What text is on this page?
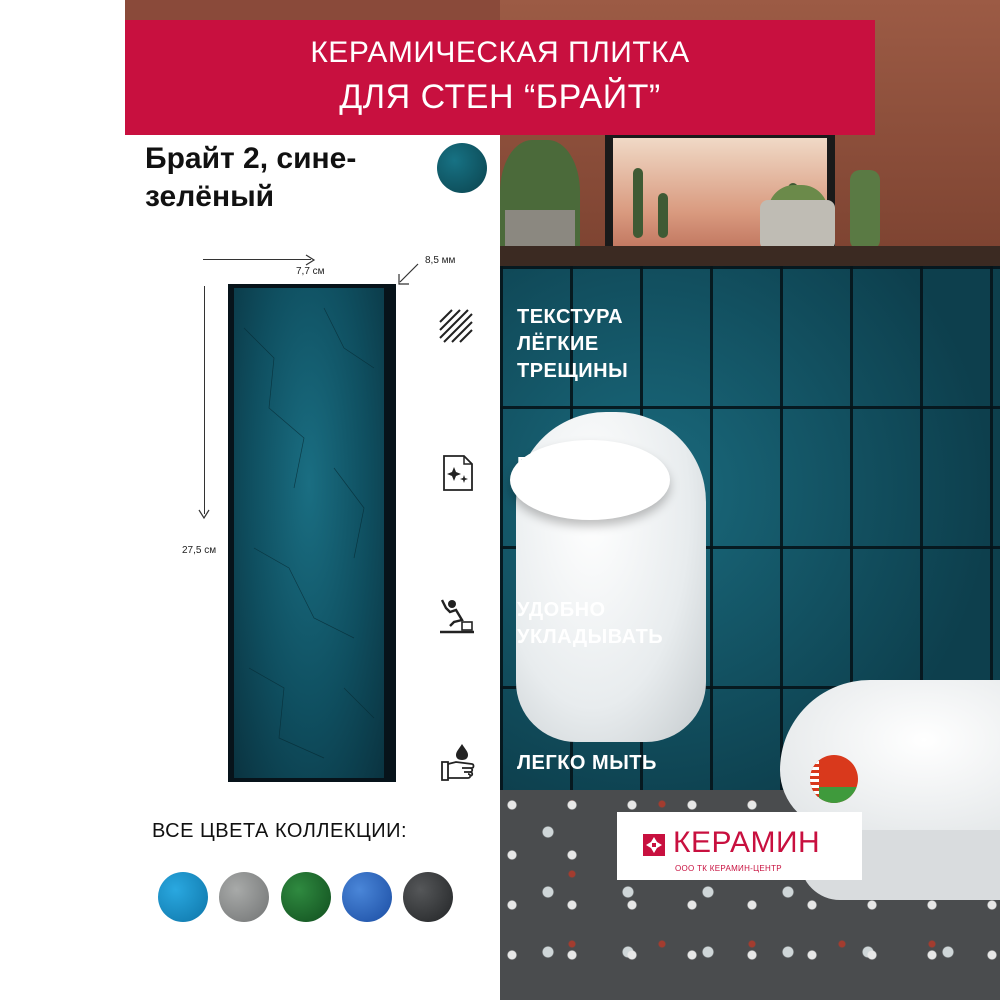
КЕРАМИЧЕСКАЯ ПЛИТКА
ДЛЯ СТЕН “БРАЙТ”
Брайт 2, сине-зелёный
7,7 см
8,5 мм
27,5 см
ТЕКСТУРА ЛЁГКИЕ ТРЕЩИНЫ
ГЛЯНЦЕВАЯ ГЛАЗУРЬ
УДОБНО УКЛАДЫВАТЬ
ЛЕГКО МЫТЬ
ВСЕ ЦВЕТА КОЛЛЕКЦИИ:	КЕРАМИН
ООО ТК КЕРАМИН-ЦЕНТР
